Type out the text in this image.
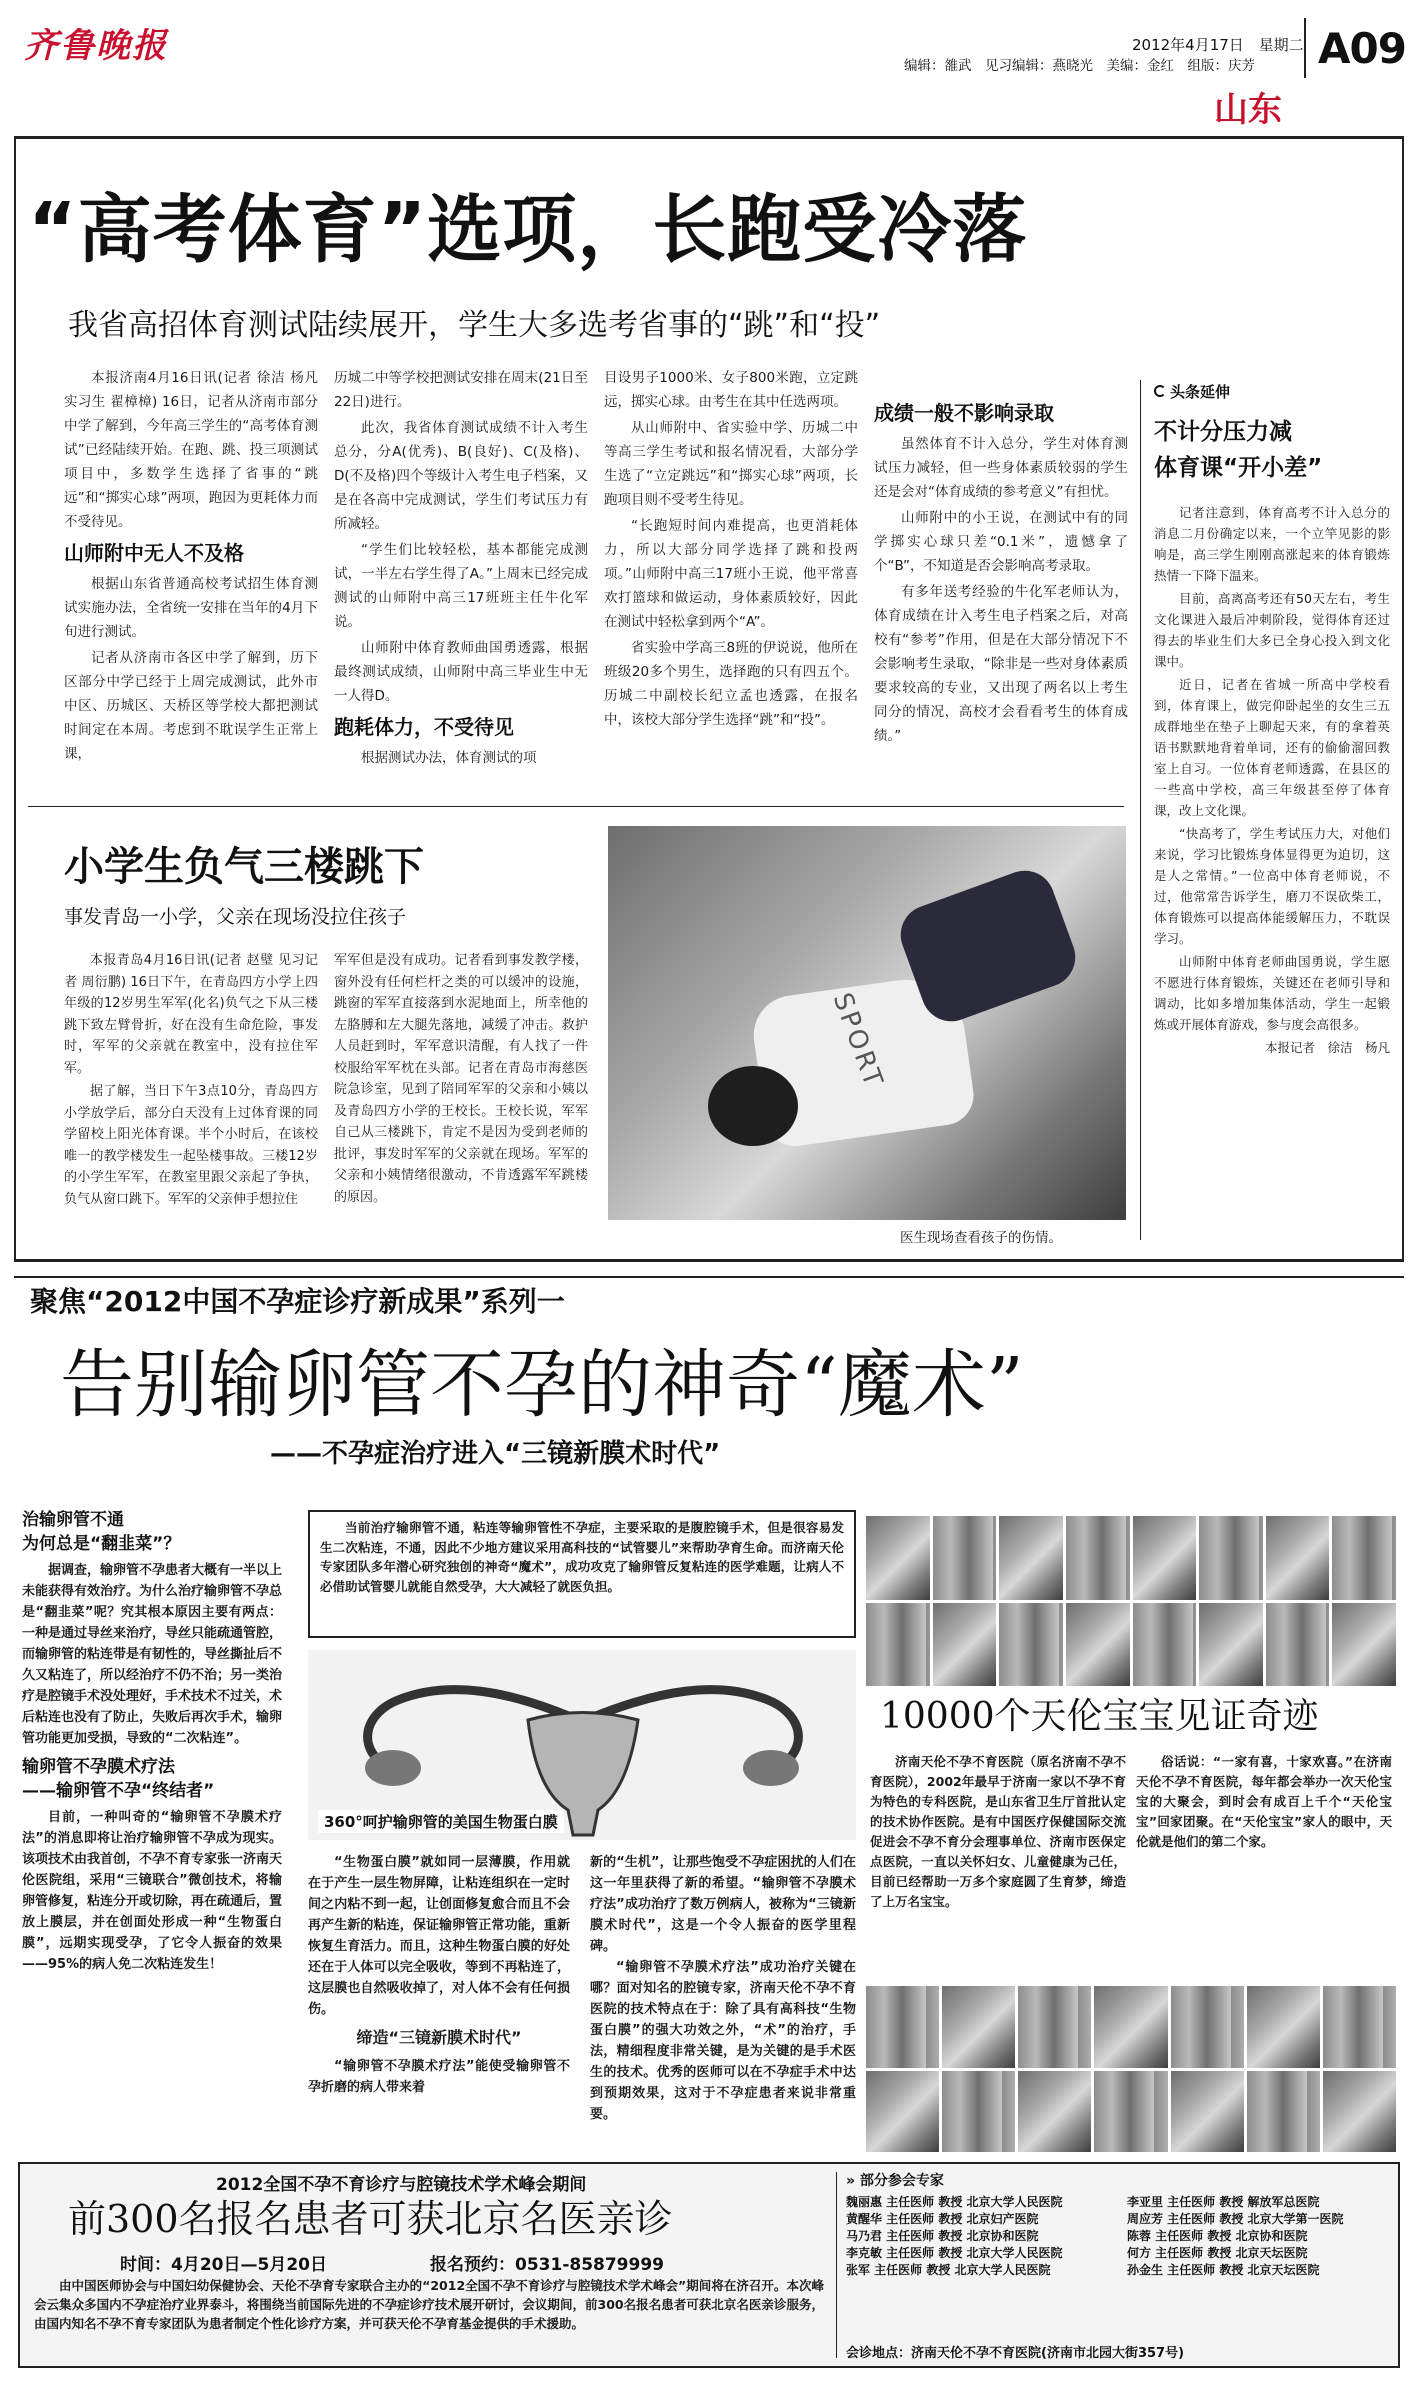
齐鲁晚报	2012年4月17日 星期二
编辑：雒武　见习编辑：燕晓光　美编：金红　组版：庆芳 A09
山东
“高考体育”选项，长跑受冷落
我省高招体育测试陆续展开，学生大多选考省事的“跳”和“投”

本报济南4月16日讯(记者 徐洁 杨凡 实习生 翟樟樟) 16日，记者从济南市部分中学了解到，今年高三学生的“高考体育测试”已经陆续开始。在跑、跳、投三项测试项目中，多数学生选择了省事的“跳远”和“掷实心球”两项，跑因为更耗体力而不受待见。

山师附中无人不及格

根据山东省普通高校考试招生体育测试实施办法，全省统一安排在当年的4月下旬进行测试。

记者从济南市各区中学了解到，历下区部分中学已经于上周完成测试，此外市中区、历城区、天桥区等学校大都把测试时间定在本周。考虑到不耽误学生正常上课，

历城二中等学校把测试安排在周末(21日至22日)进行。

此次，我省体育测试成绩不计入考生总分，分A(优秀)、B(良好)、C(及格)、D(不及格)四个等级计入考生电子档案，又是在各高中完成测试，学生们考试压力有所减轻。

“学生们比较轻松，基本都能完成测试，一半左右学生得了A。”上周末已经完成测试的山师附中高三17班班主任牛化军说。

山师附中体育教师曲国勇透露，根据最终测试成绩，山师附中高三毕业生中无一人得D。

跑耗体力，不受待见

根据测试办法，体育测试的项

目设男子1000米、女子800米跑，立定跳远，掷实心球。由考生在其中任选两项。

从山师附中、省实验中学、历城二中等高三学生考试和报名情况看，大部分学生选了“立定跳远”和“掷实心球”两项，长跑项目则不受考生待见。

“长跑短时间内难提高，也更消耗体力，所以大部分同学选择了跳和投两项。”山师附中高三17班小王说，他平常喜欢打篮球和做运动，身体素质较好，因此在测试中轻松拿到两个“A”。

省实验中学高三8班的伊说说，他所在班级20多个男生，选择跑的只有四五个。历城二中副校长纪立孟也透露，在报名中，该校大部分学生选择“跳”和“投”。

成绩一般不影响录取

虽然体育不计入总分，学生对体育测试压力减轻，但一些身体素质较弱的学生还是会对“体育成绩的参考意义”有担忧。

山师附中的小王说，在测试中有的同学掷实心球只差“0.1米”，遗憾拿了个“B”，不知道是否会影响高考录取。

有多年送考经验的牛化军老师认为，体育成绩在计入考生电子档案之后，对高校有“参考”作用，但是在大部分情况下不会影响考生录取，“除非是一些对身体素质要求较高的专业，又出现了两名以上考生同分的情况，高校才会看看考生的体育成绩。”

头条延伸
不计分压力减
体育课“开小差”

记者注意到，体育高考不计入总分的消息二月份确定以来，一个立竿见影的影响是，高三学生刚刚高涨起来的体育锻炼热情一下降下温来。

目前，高离高考还有50天左右，考生文化课进入最后冲刺阶段，觉得体育还过得去的毕业生们大多已全身心投入到文化课中。

近日，记者在省城一所高中学校看到，体育课上，做完仰卧起坐的女生三五成群地坐在垫子上聊起天来，有的拿着英语书默默地背着单词，还有的偷偷溜回教室上自习。一位体育老师透露，在县区的一些高中学校，高三年级甚至停了体育课，改上文化课。

“快高考了，学生考试压力大，对他们来说，学习比锻炼身体显得更为迫切，这是人之常情。”一位高中体育老师说，不过，他常常告诉学生，磨刀不误砍柴工，体育锻炼可以提高体能缓解压力，不耽误学习。

山师附中体育老师曲国勇说，学生愿不愿进行体育锻炼，关键还在老师引导和调动，比如多增加集体活动，学生一起锻炼或开展体育游戏，参与度会高很多。

本报记者　徐洁　杨凡
小学生负气三楼跳下
事发青岛一小学，父亲在现场没拉住孩子

本报青岛4月16日讯(记者 赵璧 见习记者 周衍鹏) 16日下午，在青岛四方小学上四年级的12岁男生军军(化名)负气之下从三楼跳下致左臂骨折，好在没有生命危险，事发时，军军的父亲就在教室中，没有拉住军军。

据了解，当日下午3点10分，青岛四方小学放学后，部分白天没有上过体育课的同学留校上阳光体育课。半个小时后，在该校唯一的教学楼发生一起坠楼事故。三楼12岁的小学生军军，在教室里跟父亲起了争执，负气从窗口跳下。军军的父亲伸手想拉住

军军但是没有成功。记者看到事发教学楼，窗外没有任何栏杆之类的可以缓冲的设施，跳窗的军军直接落到水泥地面上，所幸他的左胳膊和左大腿先落地，减缓了冲击。救护人员赶到时，军军意识清醒，有人找了一件校服给军军枕在头部。记者在青岛市海慈医院急诊室，见到了陪同军军的父亲和小姨以及青岛四方小学的王校长。王校长说，军军自己从三楼跳下，肯定不是因为受到老师的批评，事发时军军的父亲就在现场。军军的父亲和小姨情绪很激动，不肯透露军军跳楼的原因。

SPORT
医生现场查看孩子的伤情。
聚焦“2012中国不孕症诊疗新成果”系列一
告别输卵管不孕的神奇“魔术”
——不孕症治疗进入“三镜新膜术时代”
治输卵管不通
为何总是“翻韭菜”？

据调查，输卵管不孕患者大概有一半以上未能获得有效治疗。为什么治疗输卵管不孕总是“翻韭菜”呢？究其根本原因主要有两点：一种是通过导丝来治疗，导丝只能疏通管腔，而输卵管的粘连带是有韧性的，导丝撕扯后不久又粘连了，所以经治疗不仍不治；另一类治疗是腔镜手术没处理好，手术技术不过关，术后粘连也没有了防止，失败后再次手术，输卵管功能更加受损，导致的“二次粘连”。

输卵管不孕膜术疗法
——输卵管不孕“终结者”

目前，一种叫奇的“输卵管不孕膜术疗法”的消息即将让治疗输卵管不孕成为现实。该项技术由我首创，不孕不育专家张一济南天伦医院组，采用“三镜联合”微创技术，将输卵管修复，粘连分开或切除，再在疏通后，置放上膜层，并在创面处形成一种“生物蛋白膜”，远期实现受孕，了它令人振奋的效果——95%的病人免二次粘连发生！

当前治疗输卵管不通，粘连等输卵管性不孕症，主要采取的是腹腔镜手术，但是很容易发生二次粘连，不通，因此不少地方建议采用高科技的“试管婴儿”来帮助孕育生命。而济南天伦专家团队多年潜心研究独创的神奇“魔术”，成功攻克了输卵管反复粘连的医学难题，让病人不必借助试管婴儿就能自然受孕，大大减轻了就医负担。
360°呵护输卵管的美国生物蛋白膜

“生物蛋白膜”就如同一层薄膜，作用就在于产生一层生物屏障，让粘连组织在一定时间之内粘不到一起，让创面修复愈合而且不会再产生新的粘连，保证输卵管正常功能，重新恢复生育活力。而且，这种生物蛋白膜的好处还在于人体可以完全吸收，等到不再粘连了，这层膜也自然吸收掉了，对人体不会有任何损伤。

缔造“三镜新膜术时代”

“输卵管不孕膜术疗法”能使受输卵管不孕折磨的病人带来着

新的“生机”，让那些饱受不孕症困扰的人们在这一年里获得了新的希望。“输卵管不孕膜术疗法”成功治疗了数万例病人，被称为“三镜新膜术时代”，这是一个令人振奋的医学里程碑。

“输卵管不孕膜术疗法”成功治疗关键在哪？面对知名的腔镜专家，济南天伦不孕不育医院的技术特点在于：除了具有高科技“生物蛋白膜”的强大功效之外，“术”的治疗，手法，精细程度非常关键，是为关键的是手术医生的技术。优秀的医师可以在不孕症手术中达到预期效果，这对于不孕症患者来说非常重要。

10000个天伦宝宝见证奇迹

济南天伦不孕不育医院（原名济南不孕不育医院），2002年最早于济南一家以不孕不育为特色的专科医院，是山东省卫生厅首批认定的技术协作医院。是有中国医疗保健国际交流促进会不孕不育分会理事单位、济南市医保定点医院，一直以关怀妇女、儿童健康为己任，目前已经帮助一万多个家庭圆了生育梦，缔造了上万名宝宝。

俗话说：“一家有喜，十家欢喜。”在济南天伦不孕不育医院，每年都会举办一次天伦宝宝的大聚会，到时会有成百上千个“天伦宝宝”回家团聚。在“天伦宝宝”家人的眼中，天伦就是他们的第二个家。

2012全国不孕不育诊疗与腔镜技术学术峰会期间
前300名报名患者可获北京名医亲诊
时间：4月20日—5月20日	报名预约：0531-85879999
由中国医师协会与中国妇幼保健协会、天伦不孕育专家联合主办的“2012全国不孕不育诊疗与腔镜技术学术峰会”期间将在济召开。本次峰会云集众多国内不孕症治疗业界泰斗，将围绕当前国际先进的不孕症诊疗技术展开研讨，会议期间，前300名报名患者可获北京名医亲诊服务，由国内知名不孕不育专家团队为患者制定个性化诊疗方案，并可获天伦不孕育基金提供的手术援助。
» 部分参会专家
魏丽惠 主任医师 教授 北京大学人民医院	李亚里 主任医师 教授 解放军总医院
黄醒华 主任医师 教授 北京妇产医院	周应芳 主任医师 教授 北京大学第一医院
马乃君 主任医师 教授 北京协和医院	陈蓉 主任医师 教授 北京协和医院
李克敏 主任医师 教授 北京大学人民医院	何方 主任医师 教授 北京天坛医院
张军 主任医师 教授 北京大学人民医院	孙金生 主任医师 教授 北京天坛医院
会诊地点：济南天伦不孕不育医院(济南市北园大街357号)
